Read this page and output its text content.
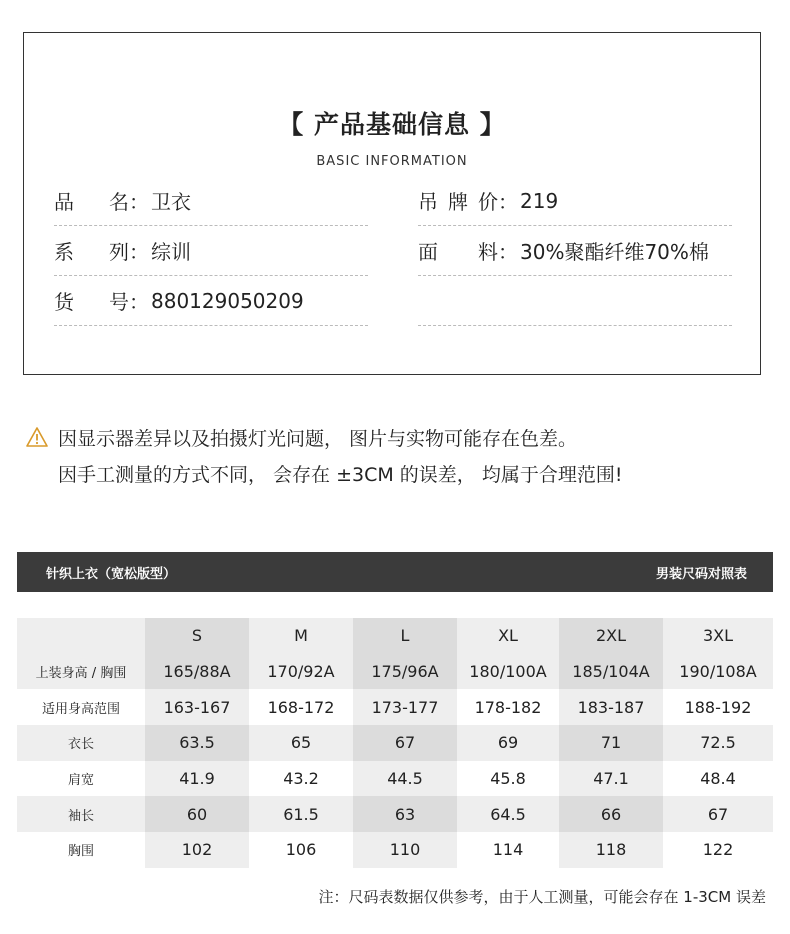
【 产品基础信息 】
BASIC INFORMATION
品 名 ： 卫衣
系 列 ： 综训
货 号 ： 880129050209
吊 牌 价 ： 219
面 料 ： 30%聚酯纤维70%棉
因显示器差异以及拍摄灯光问题， 图片与实物可能存在色差。
因手工测量的方式不同， 会存在 ±3CM 的误差， 均属于合理范围!
针织上衣（宽松版型）	男装尺码对照表
	S	M	L	XL	2XL	3XL
上装身高 / 胸围	165/88A	170/92A	175/96A	180/100A	185/104A	190/108A
适用身高范围	163-167	168-172	173-177	178-182	183-187	188-192
衣长	63.5	65	67	69	71	72.5
肩宽	41.9	43.2	44.5	45.8	47.1	48.4
袖长	60	61.5	63	64.5	66	67
胸围	102	106	110	114	118	122
注：尺码表数据仅供参考，由于人工测量，可能会存在 1-3CM 误差
